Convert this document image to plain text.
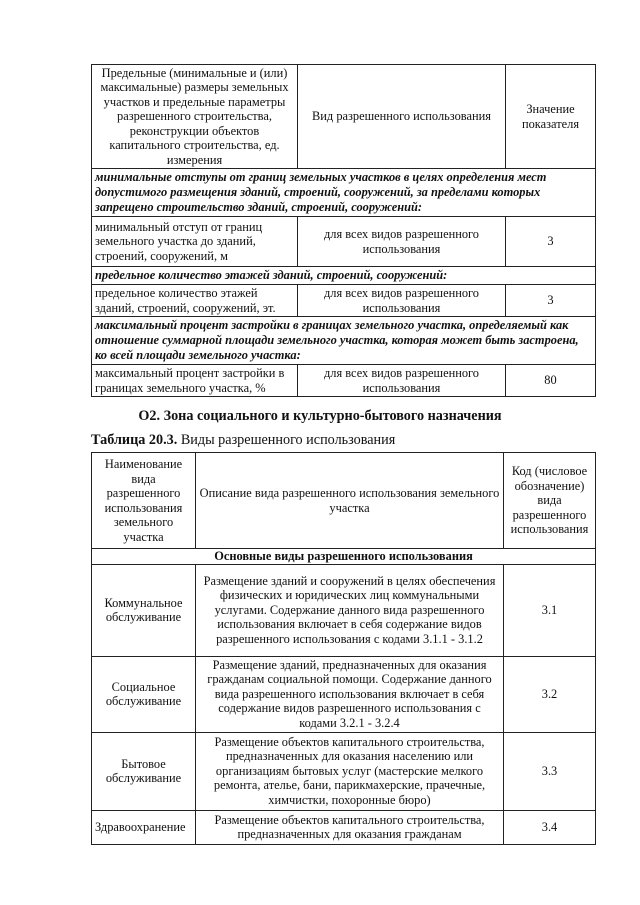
Предельные (минимальные и (или) максимальные) размеры земельных участков и предельные параметры разрешенного строительства, реконструкции объектов капитального строительства, ед. измерения	Вид разрешенного использования	Значение показателя
минимальные отступы от границ земельных участков в целях определения мест допустимого размещения зданий, строений, сооружений, за пределами которых запрещено строительство зданий, строений, сооружений:		
минимальный отступ от границ земельного участка до зданий, строений, сооружений, м	для всех видов разрешенного использования	3
предельное количество этажей зданий, строений, сооружений:		
предельное количество этажей зданий, строений, сооружений, эт.	для всех видов разрешенного использования	3
максимальный процент застройки в границах земельного участка, определяемый как отношение суммарной площади земельного участка, которая может быть застроена, ко всей площади земельного участка:		
максимальный процент застройки в границах земельного участка, %	для всех видов разрешенного использования	80
О2. Зона социального и культурно-бытового назначения
Таблица 20.3. Виды разрешенного использования
Наименование вида разрешенного использования земельного участка	Описание вида разрешенного использования земельного участка	Код (числовое обозначение) вида разрешенного использования
Основные виды разрешенного использования		
Коммунальное обслуживание	Размещение зданий и сооружений в целях обеспечения физических и юридических лиц коммунальными услугами. Содержание данного вида разрешенного использования включает в себя содержание видов разрешенного использования с кодами 3.1.1 - 3.1.2	3.1
Социальное обслуживание	Размещение зданий, предназначенных для оказания гражданам социальной помощи. Содержание данного вида разрешенного использования включает в себя содержание видов разрешенного использования с кодами 3.2.1 - 3.2.4	3.2
Бытовое обслуживание	Размещение объектов капитального строительства, предназначенных для оказания населению или организациям бытовых услуг (мастерские мелкого ремонта, ателье, бани, парикмахерские, прачечные, химчистки, похоронные бюро)	3.3
Здравоохранение	Размещение объектов капитального строительства, предназначенных для оказания гражданам	3.4
